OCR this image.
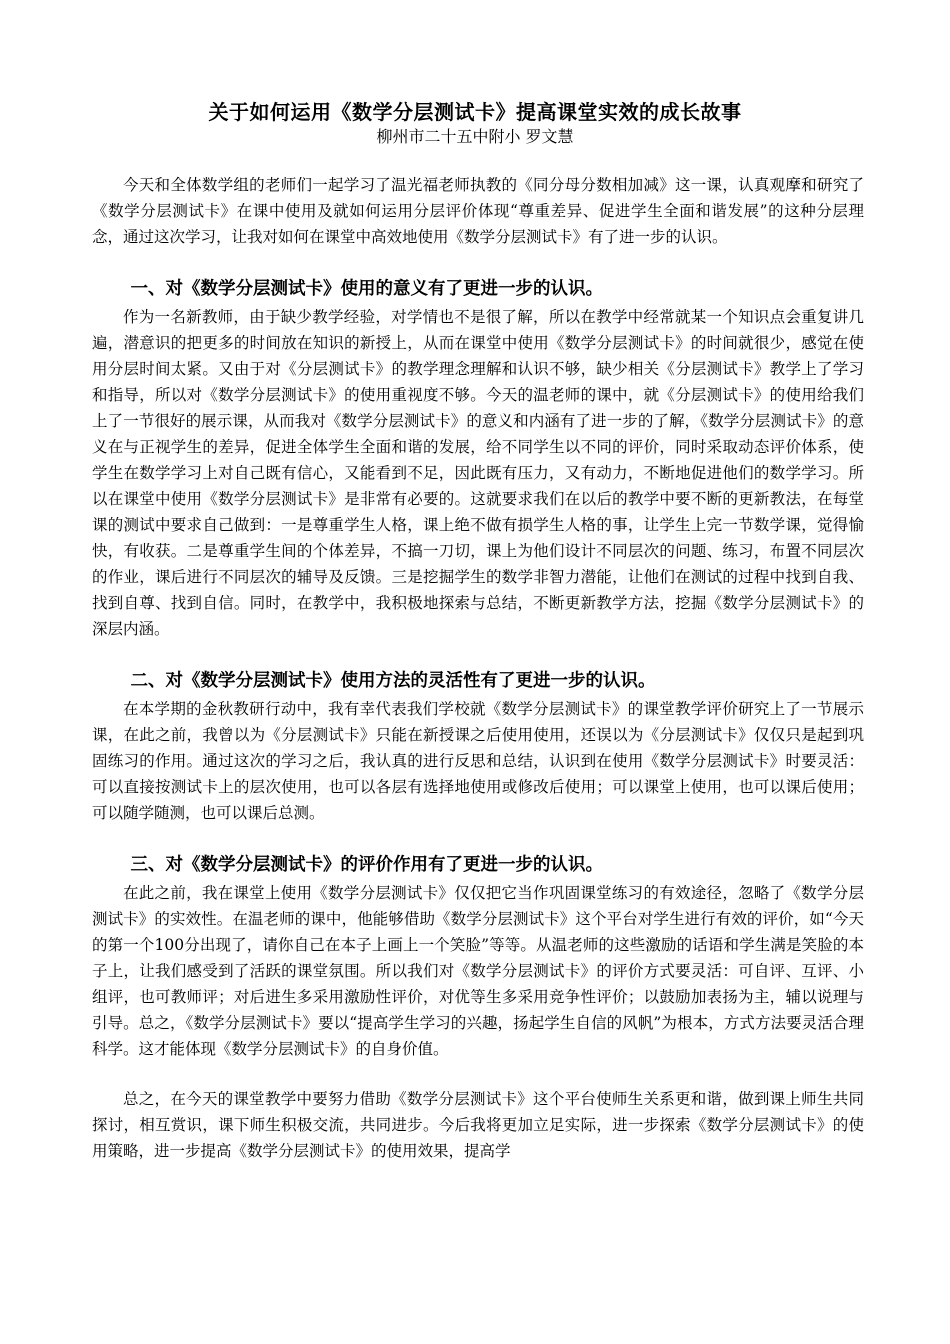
关于如何运用《数学分层测试卡》提高课堂实效的成长故事
柳州市二十五中附小 罗文慧

今天和全体数学组的老师们一起学习了温光福老师执教的《同分母分数相加减》这一课，认真观摩和研究了《数学分层测试卡》在课中使用及就如何运用分层评价体现“尊重差异、促进学生全面和谐发展”的这种分层理念，通过这次学习，让我对如何在课堂中高效地使用《数学分层测试卡》有了进一步的认识。

一、对《数学分层测试卡》使用的意义有了更进一步的认识。

作为一名新教师，由于缺少教学经验，对学情也不是很了解，所以在教学中经常就某一个知识点会重复讲几遍，潜意识的把更多的时间放在知识的新授上，从而在课堂中使用《数学分层测试卡》的时间就很少，感觉在使用分层时间太紧。又由于对《分层测试卡》的教学理念理解和认识不够，缺少相关《分层测试卡》教学上了学习和指导，所以对《数学分层测试卡》的使用重视度不够。今天的温老师的课中，就《分层测试卡》的使用给我们上了一节很好的展示课，从而我对《数学分层测试卡》的意义和内涵有了进一步的了解，《数学分层测试卡》的意义在与正视学生的差异，促进全体学生全面和谐的发展，给不同学生以不同的评价，同时采取动态评价体系，使学生在数学学习上对自己既有信心，又能看到不足，因此既有压力，又有动力，不断地促进他们的数学学习。所以在课堂中使用《数学分层测试卡》是非常有必要的。这就要求我们在以后的教学中要不断的更新教法，在每堂课的测试中要求自己做到：一是尊重学生人格，课上绝不做有损学生人格的事，让学生上完一节数学课，觉得愉快，有收获。二是尊重学生间的个体差异，不搞一刀切，课上为他们设计不同层次的问题、练习，布置不同层次的作业，课后进行不同层次的辅导及反馈。三是挖掘学生的数学非智力潜能，让他们在测试的过程中找到自我、找到自尊、找到自信。同时，在教学中，我积极地探索与总结，不断更新教学方法，挖掘《数学分层测试卡》的深层内涵。

二、对《数学分层测试卡》使用方法的灵活性有了更进一步的认识。

在本学期的金秋教研行动中，我有幸代表我们学校就《数学分层测试卡》的课堂教学评价研究上了一节展示课，在此之前，我曾以为《分层测试卡》只能在新授课之后使用使用，还误以为《分层测试卡》仅仅只是起到巩固练习的作用。通过这次的学习之后，我认真的进行反思和总结，认识到在使用《数学分层测试卡》时要灵活：可以直接按测试卡上的层次使用，也可以各层有选择地使用或修改后使用；可以课堂上使用，也可以课后使用；可以随学随测，也可以课后总测。

三、对《数学分层测试卡》的评价作用有了更进一步的认识。

在此之前，我在课堂上使用《数学分层测试卡》仅仅把它当作巩固课堂练习的有效途径，忽略了《数学分层测试卡》的实效性。在温老师的课中，他能够借助《数学分层测试卡》这个平台对学生进行有效的评价，如“今天的第一个100分出现了，请你自己在本子上画上一个笑脸”等等。从温老师的这些激励的话语和学生满是笑脸的本子上，让我们感受到了活跃的课堂氛围。所以我们对《数学分层测试卡》的评价方式要灵活：可自评、互评、小组评，也可教师评；对后进生多采用激励性评价，对优等生多采用竞争性评价；以鼓励加表扬为主，辅以说理与引导。总之，《数学分层测试卡》要以“提高学生学习的兴趣，扬起学生自信的风帆”为根本，方式方法要灵活合理科学。这才能体现《数学分层测试卡》的自身价值。

总之，在今天的课堂教学中要努力借助《数学分层测试卡》这个平台使师生关系更和谐，做到课上师生共同探讨，相互赏识，课下师生积极交流，共同进步。今后我将更加立足实际，进一步探索《数学分层测试卡》的使用策略，进一步提高《数学分层测试卡》的使用效果，提高学
